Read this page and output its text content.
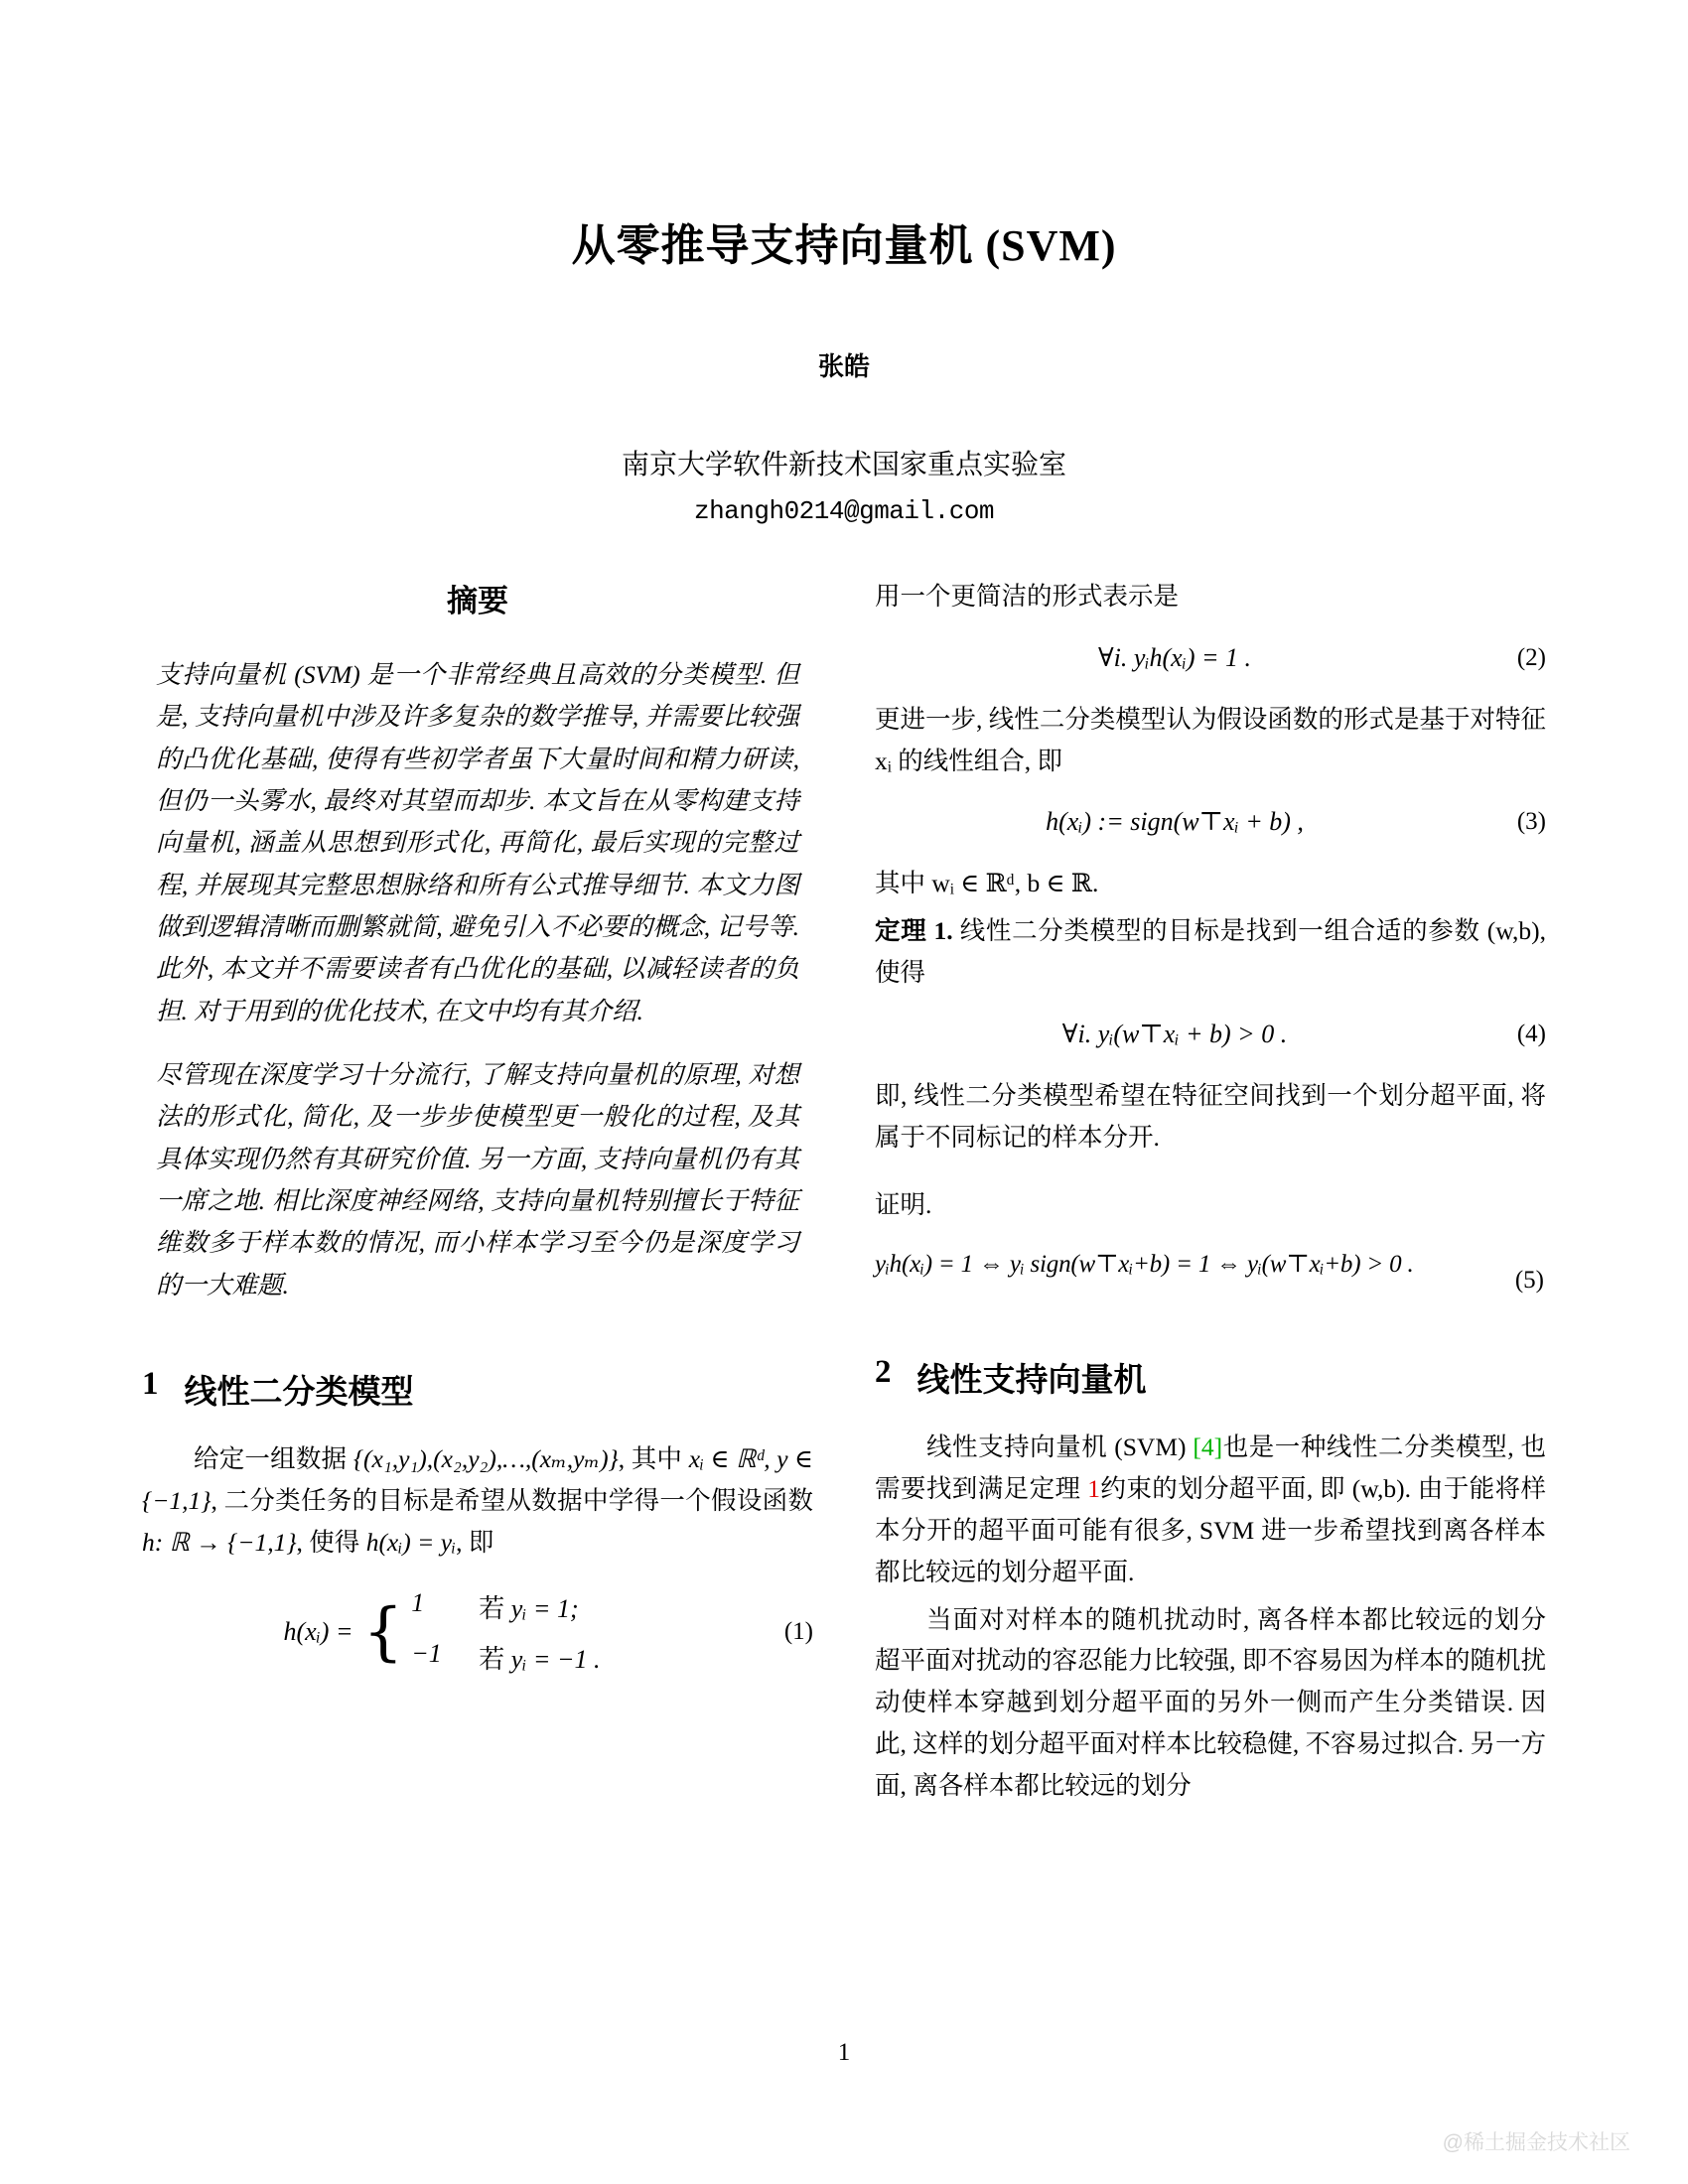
从零推导支持向量机 (SVM)
张皓
南京大学软件新技术国家重点实验室
zhangh0214@gmail.com
摘要

支持向量机 (SVM) 是一个非常经典且高效的分类模型. 但是, 支持向量机中涉及许多复杂的数学推导, 并需要比较强的凸优化基础, 使得有些初学者虽下大量时间和精力研读, 但仍一头雾水, 最终对其望而却步. 本文旨在从零构建支持向量机, 涵盖从思想到形式化, 再简化, 最后实现的完整过程, 并展现其完整思想脉络和所有公式推导细节. 本文力图做到逻辑清晰而删繁就简, 避免引入不必要的概念, 记号等. 此外, 本文并不需要读者有凸优化的基础, 以减轻读者的负担. 对于用到的优化技术, 在文中均有其介绍.

尽管现在深度学习十分流行, 了解支持向量机的原理, 对想法的形式化, 简化, 及一步步使模型更一般化的过程, 及其具体实现仍然有其研究价值. 另一方面, 支持向量机仍有其一席之地. 相比深度神经网络, 支持向量机特别擅长于特征维数多于样本数的情况, 而小样本学习至今仍是深度学习的一大难题.

1 线性二分类模型

给定一组数据 {(x₁,y₁),(x₂,y₂),…,(xₘ,yₘ)}, 其中 xᵢ ∈ ℝᵈ, y ∈ {−1,1}, 二分类任务的目标是希望从数据中学得一个假设函数 h: ℝ → {−1,1}, 使得 h(xᵢ) = yᵢ, 即

h(xᵢ) = { 1	若 yᵢ = 1;
−1 若 yᵢ = −1 .
(1)

用一个更简洁的形式表示是

∀i. yᵢh(xᵢ) = 1 .	(2)

更进一步, 线性二分类模型认为假设函数的形式是基于对特征 xᵢ 的线性组合, 即

h(xᵢ) := sign(w⊤xᵢ + b) ,	(3)

其中 wᵢ ∈ ℝᵈ, b ∈ ℝ.

定理 1. 线性二分类模型的目标是找到一组合适的参数 (w,b), 使得

∀i. yᵢ(w⊤xᵢ + b) > 0 .	(4)

即, 线性二分类模型希望在特征空间找到一个划分超平面, 将属于不同标记的样本分开.

证明.

yᵢh(xᵢ) = 1 ⇔ yᵢ sign(w⊤xᵢ+b) = 1 ⇔ yᵢ(w⊤xᵢ+b) > 0 .
(5)
2 线性支持向量机

线性支持向量机 (SVM) [4]也是一种线性二分类模型, 也需要找到满足定理 1约束的划分超平面, 即 (w,b). 由于能将样本分开的超平面可能有很多, SVM 进一步希望找到离各样本都比较远的划分超平面.

当面对对样本的随机扰动时, 离各样本都比较远的划分超平面对扰动的容忍能力比较强, 即不容易因为样本的随机扰动使样本穿越到划分超平面的另外一侧而产生分类错误. 因此, 这样的划分超平面对样本比较稳健, 不容易过拟合. 另一方面, 离各样本都比较远的划分

1
@稀土掘金技术社区
